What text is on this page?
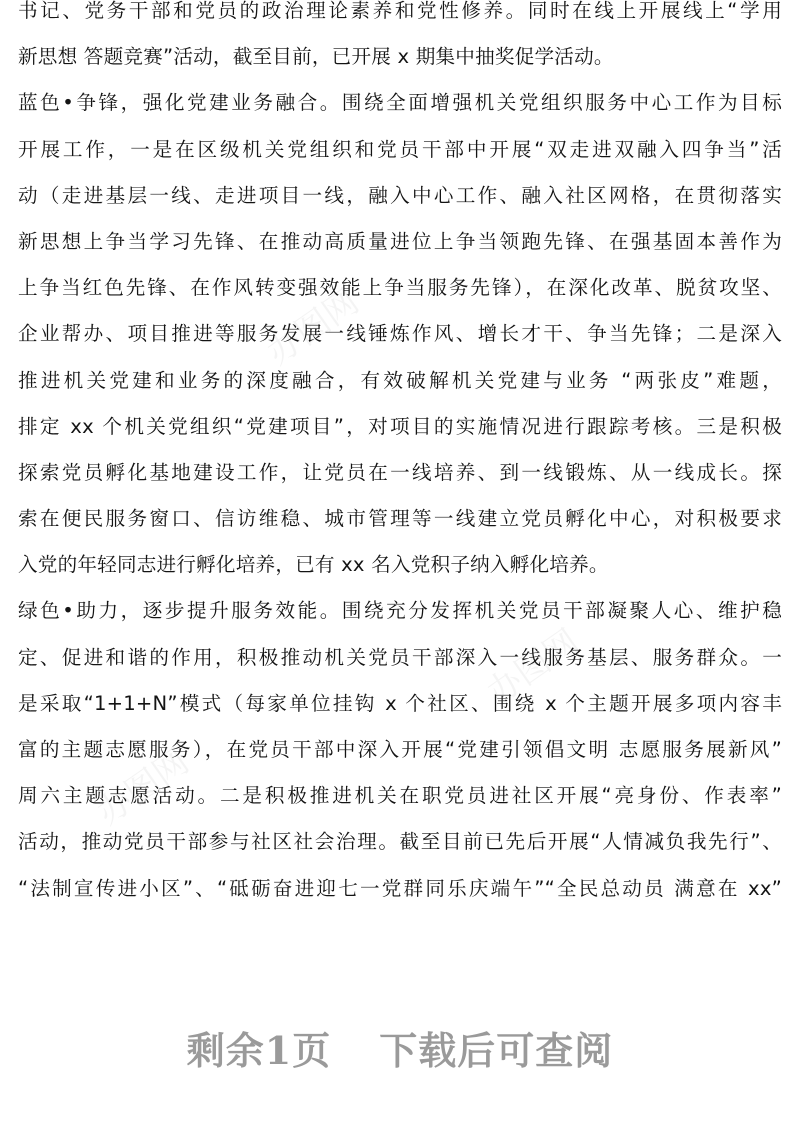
书记、党务干部和党员的政治理论素养和党性修养。同时在线上开展线上“学用
新思想 答题竞赛”活动，截至目前，已开展 x 期集中抽奖促学活动。
蓝色•争锋，强化党建业务融合。围绕全面增强机关党组织服务中心工作为目标
开展工作，一是在区级机关党组织和党员干部中开展“双走进双融入四争当”活
动（走进基层一线、走进项目一线，融入中心工作、融入社区网格，在贯彻落实
新思想上争当学习先锋、在推动高质量进位上争当领跑先锋、在强基固本善作为
上争当红色先锋、在作风转变强效能上争当服务先锋），在深化改革、脱贫攻坚、
企业帮办、项目推进等服务发展一线锤炼作风、增长才干、争当先锋；二是深入
推进机关党建和业务的深度融合，有效破解机关党建与业务 “两张皮”难题，
排定 xx 个机关党组织“党建项目”，对项目的实施情况进行跟踪考核。三是积极
探索党员孵化基地建设工作，让党员在一线培养、到一线锻炼、从一线成长。探
索在便民服务窗口、信访维稳、城市管理等一线建立党员孵化中心，对积极要求
入党的年轻同志进行孵化培养，已有 xx 名入党积子纳入孵化培养。
绿色•助力，逐步提升服务效能。围绕充分发挥机关党员干部凝聚人心、维护稳
定、促进和谐的作用，积极推动机关党员干部深入一线服务基层、服务群众。一
是采取“1+1+N”模式（每家单位挂钩 x 个社区、围绕 x 个主题开展多项内容丰
富的主题志愿服务），在党员干部中深入开展“党建引领倡文明 志愿服务展新风”
周六主题志愿活动。二是积极推进机关在职党员进社区开展“亮身份、作表率”
活动，推动党员干部参与社区社会治理。截至目前已先后开展“人情减负我先行”、
“法制宣传进小区”、“砥砺奋进迎七一党群同乐庆端午”“全民总动员 满意在 xx”
办图网
办图网
办图网
剩余1页 下载后可查阅
